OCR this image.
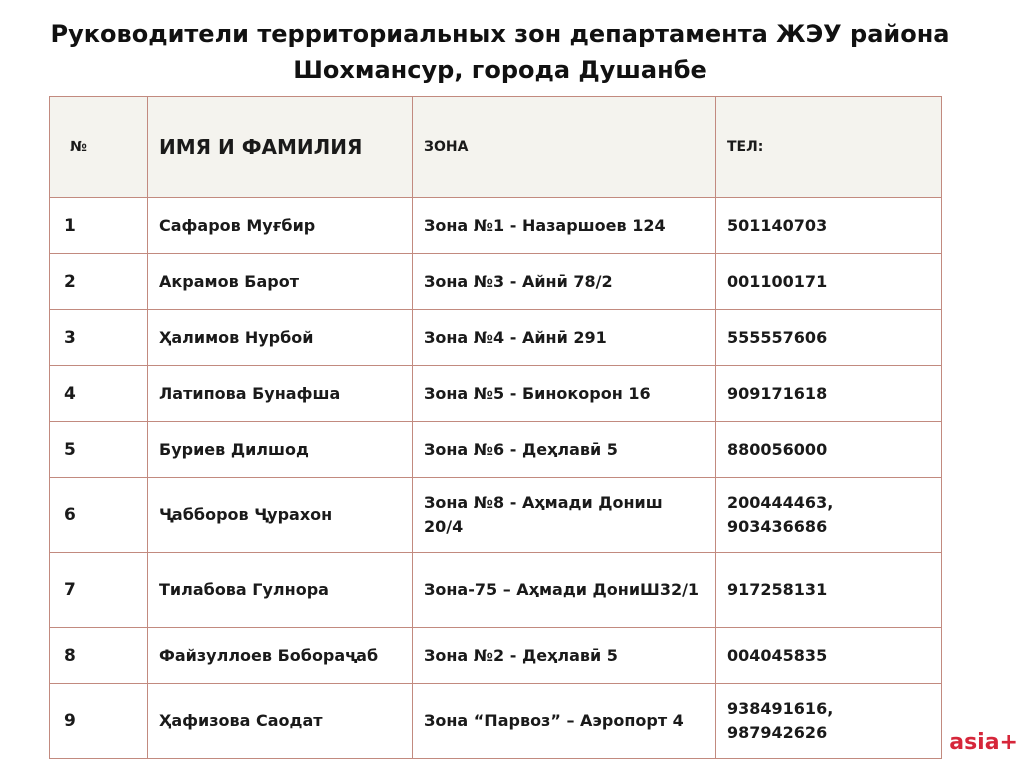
Руководители территориальных зон департамента ЖЭУ района
Шохмансур, города Душанбе
№	ИМЯ И ФАМИЛИЯ	ЗОНА	ТЕЛ:
1	Сафаров Муғбир	Зона №1 - Назаршоев 124	501140703
2	Акрамов Барот	Зона №3 - Айнӣ 78/2	001100171
3	Ҳалимов Нурбой	Зона №4 - Айнӣ 291	555557606
4	Латипова Бунафша	Зона №5 - Бинокорон 16	909171618
5	Буриев Дилшод	Зона №6 - Деҳлавӣ 5	880056000
6	Ҷабборов Ҷурахон	Зона №8 - Аҳмади Дониш 20/4	200444463, 903436686
7	Тилабова Гулнора	Зона-75 – Аҳмади ДониШ32/1	917258131
8	Файзуллоев Бобораҷаб	Зона №2 - Деҳлавӣ 5	004045835
9	Ҳафизова Саодат	Зона “Парвоз” – Аэропорт 4	938491616, 987942626	asia+
